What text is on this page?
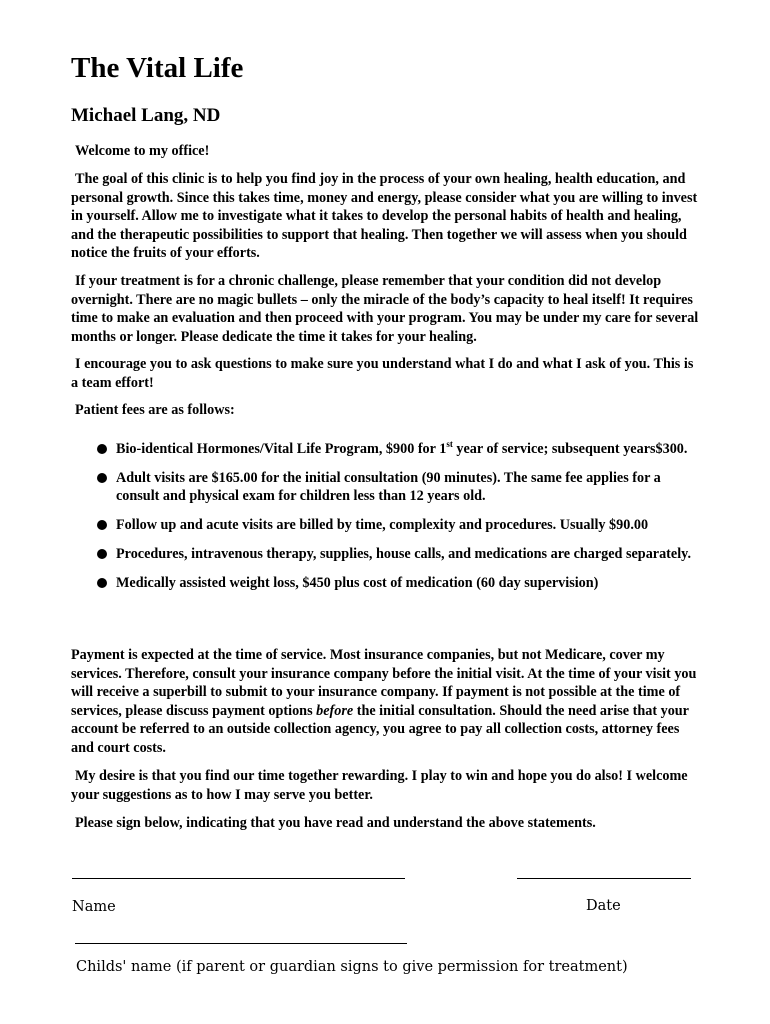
The Vital Life
Michael Lang, ND

Welcome to my office!

The goal of this clinic is to help you find joy in the process of your own healing, health education, and personal growth. Since this takes time, money and energy, please consider what you are willing to invest in yourself. Allow me to investigate what it takes to develop the personal habits of health and healing, and the therapeutic possibilities to support that healing. Then together we will assess when you should notice the fruits of your efforts.

If your treatment is for a chronic challenge, please remember that your condition did not develop overnight. There are no magic bullets – only the miracle of the body’s capacity to heal itself! It requires time to make an evaluation and then proceed with your program. You may be under my care for several months or longer. Please dedicate the time it takes for your healing.

I encourage you to ask questions to make sure you understand what I do and what I ask of you. This is a team effort!

Patient fees are as follows:

Bio-identical Hormones/Vital Life Program, $900 for 1st year of service; subsequent years$300.
Adult visits are $165.00 for the initial consultation (90 minutes). The same fee applies for a consult and physical exam for children less than 12 years old.
Follow up and acute visits are billed by time, complexity and procedures. Usually $90.00
Procedures, intravenous therapy, supplies, house calls, and medications are charged separately.
Medically assisted weight loss, $450 plus cost of medication (60 day supervision)

Payment is expected at the time of service. Most insurance companies, but not Medicare, cover my services. Therefore, consult your insurance company before the initial visit. At the time of your visit you will receive a superbill to submit to your insurance company. If payment is not possible at the time of services, please discuss payment options before the initial consultation. Should the need arise that your account be referred to an outside collection agency, you agree to pay all collection costs, attorney fees and court costs.

My desire is that you find our time together rewarding. I play to win and hope you do also! I welcome your suggestions as to how I may serve you better.

Please sign below, indicating that you have read and understand the above statements.

Name	Date
Childs' name (if parent or guardian signs to give permission for treatment)
